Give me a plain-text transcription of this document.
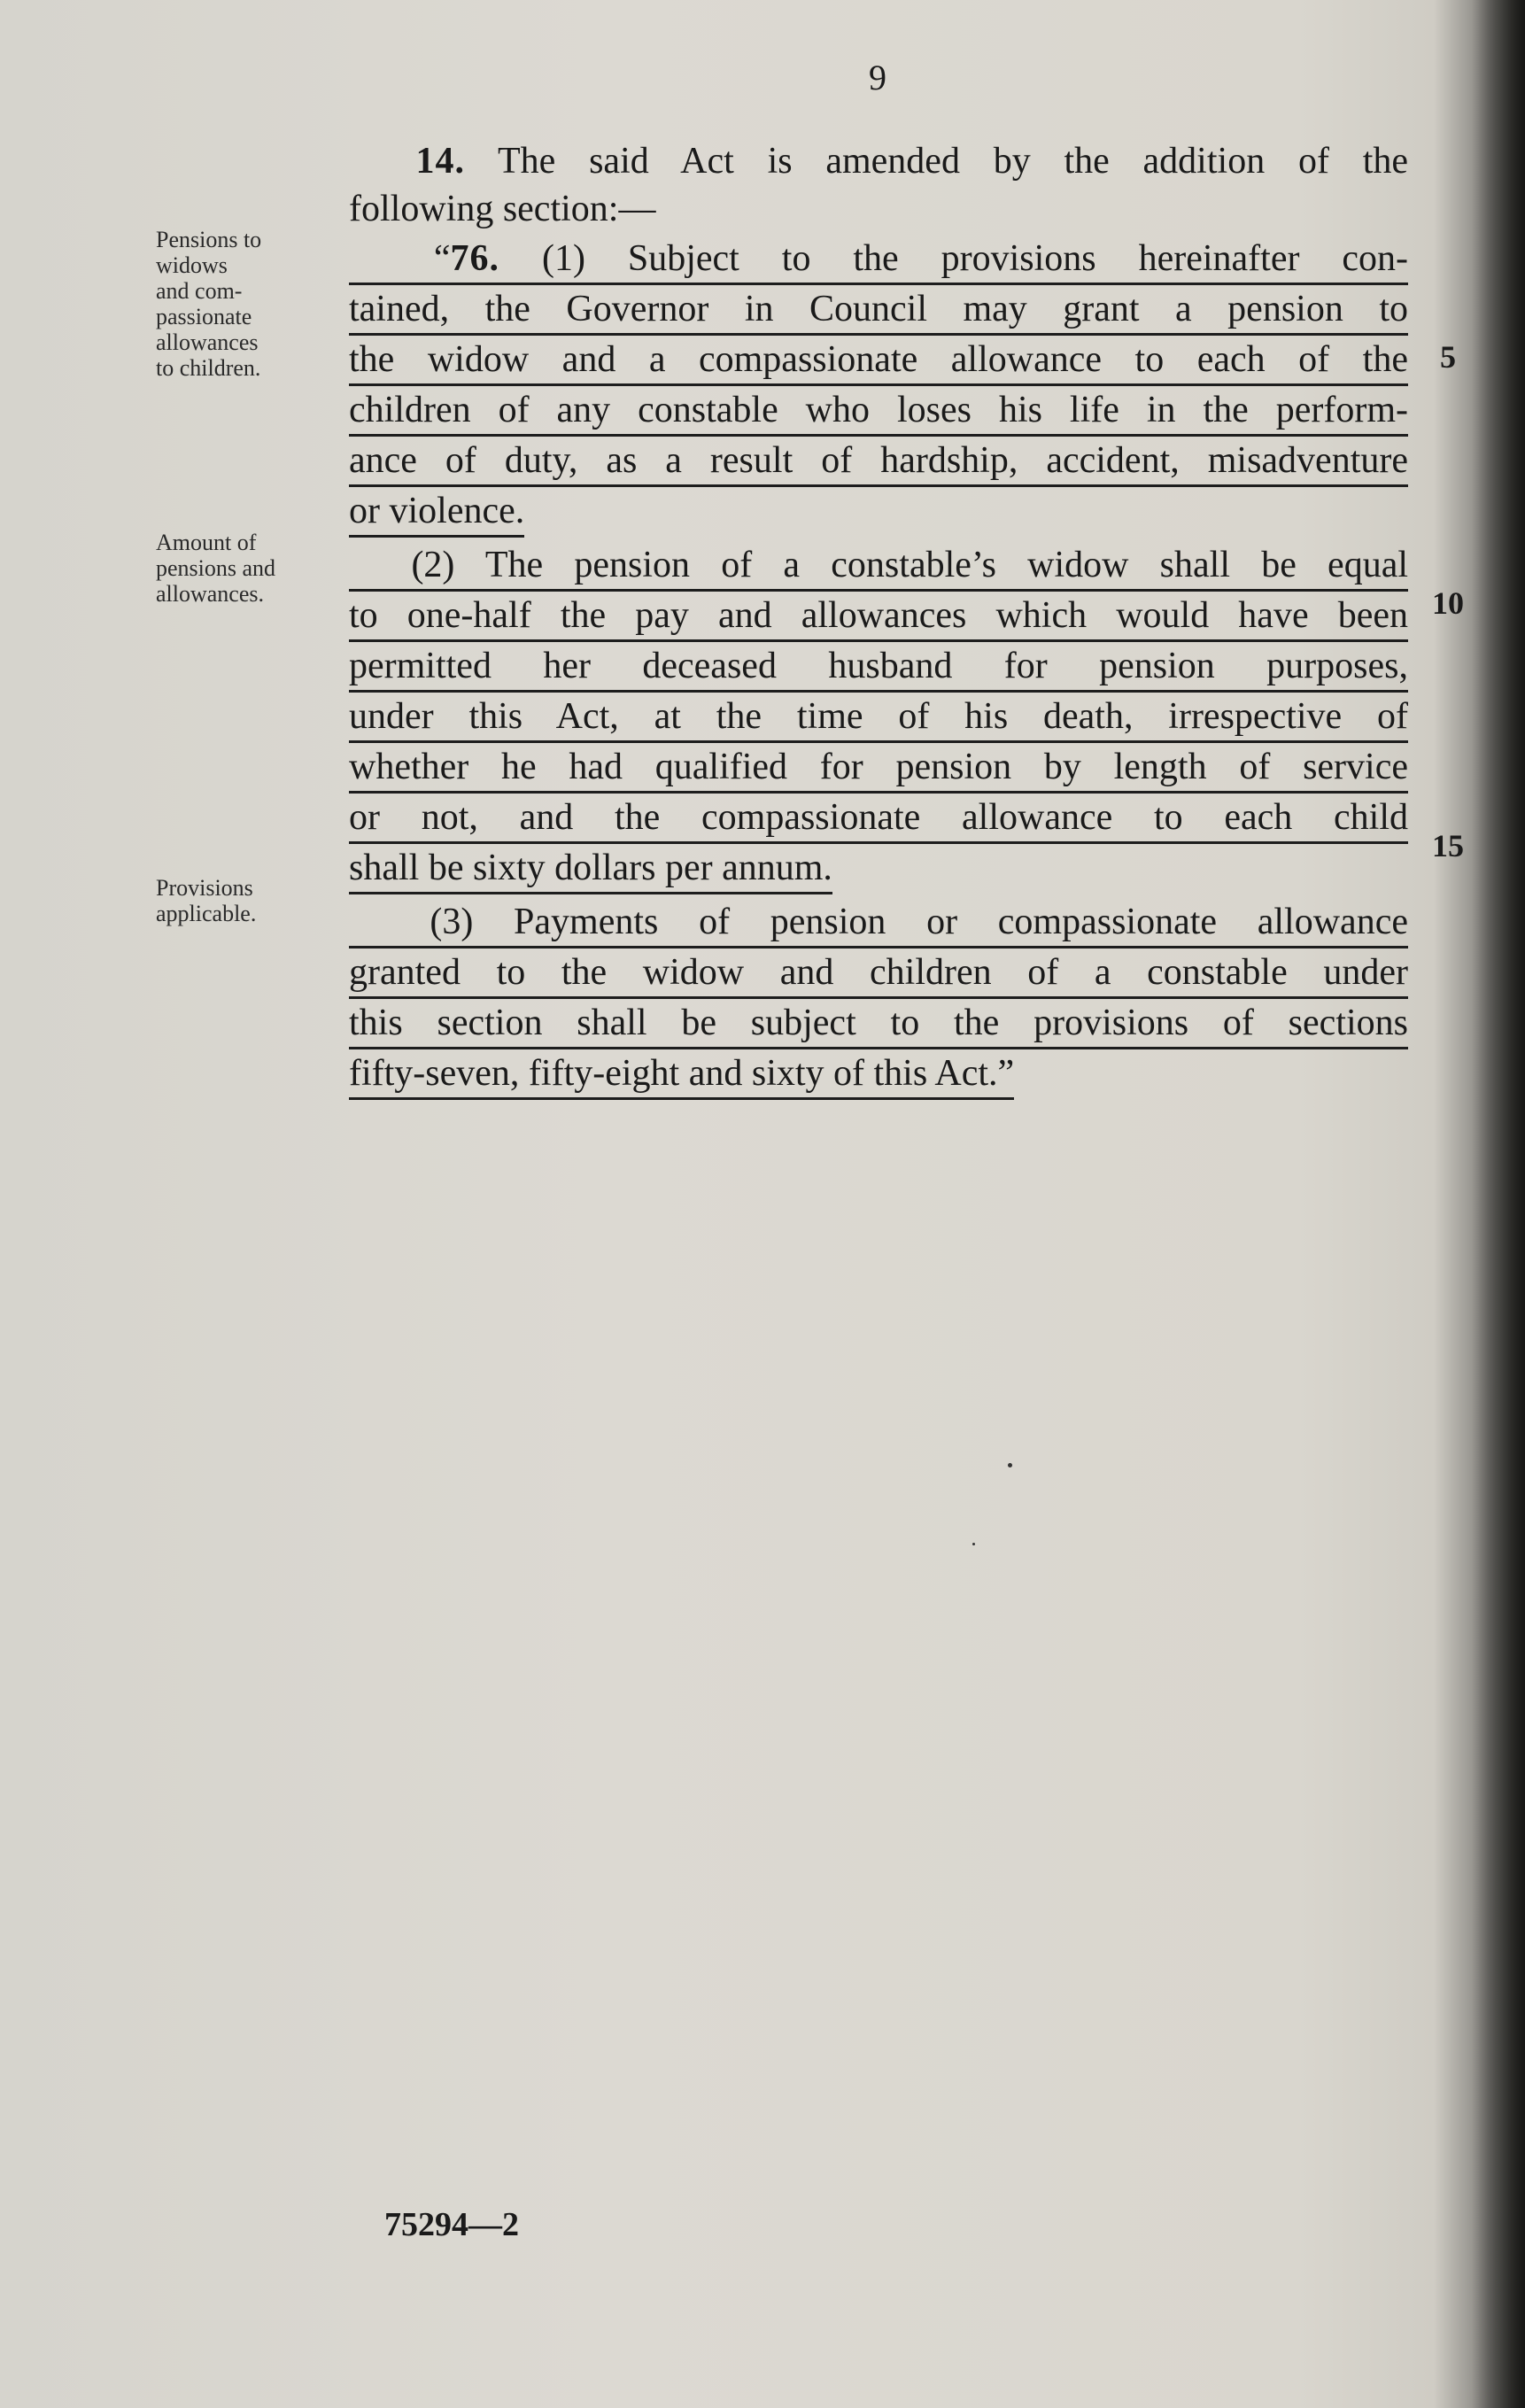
9
Pensions to
widows
and com-
passionate
allowances
to children.
Amount of
pensions and
allowances.
Provisions
applicable.
5
10
15
14. The said Act is amended by the addition of the
following section:—
“76. (1) Subject to the provisions hereinafter con-
tained, the Governor in Council may grant a pension to
the widow and a compassionate allowance to each of the
children of any constable who loses his life in the perform-
ance of duty, as a result of hardship, accident, misadventure
or violence.
(2) The pension of a constable’s widow shall be equal
to one-half the pay and allowances which would have been
permitted her deceased husband for pension purposes,
under this Act, at the time of his death, irrespective of
whether he had qualified for pension by length of service
or not, and the compassionate allowance to each child
shall be sixty dollars per annum.
(3) Payments of pension or compassionate allowance
granted to the widow and children of a constable under
this section shall be subject to the provisions of sections
fifty-seven, fifty-eight and sixty of this Act.”
75294—2
